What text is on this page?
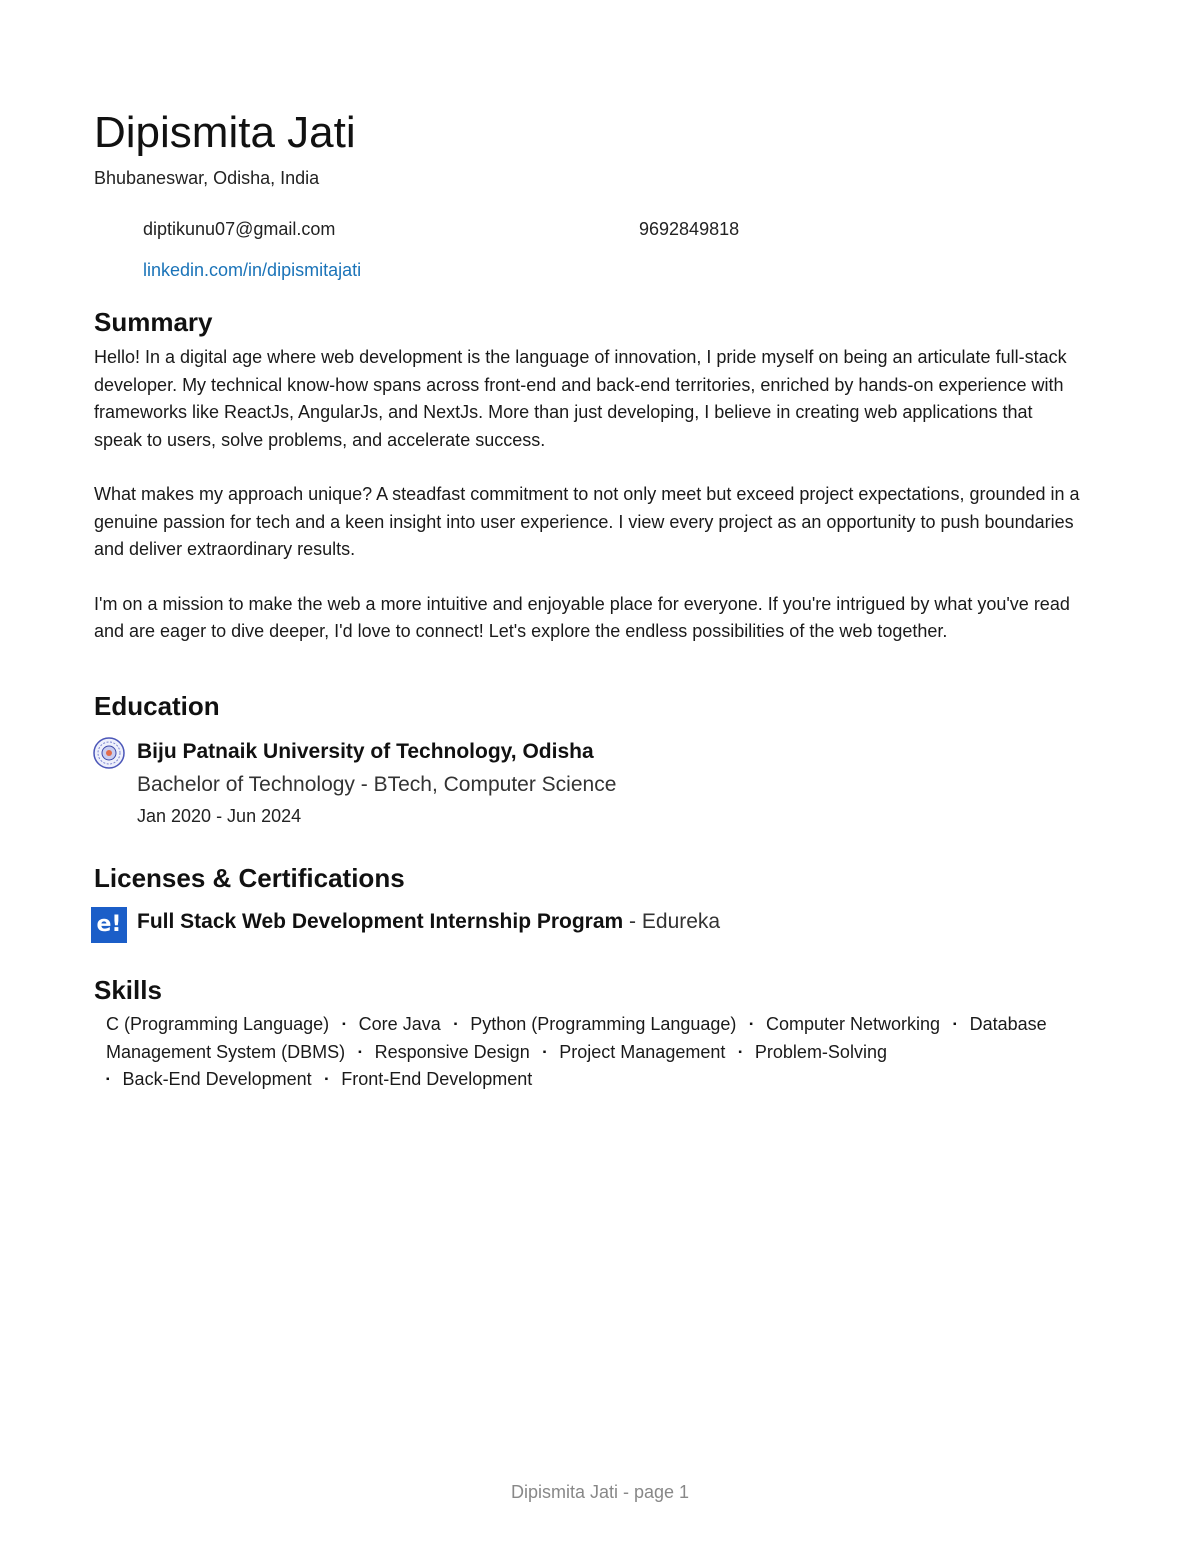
Dipismita Jati
Bhubaneswar, Odisha, India
diptikunu07@gmail.com	9692849818
linkedin.com/in/dipismitajati
Summary

Hello! In a digital age where web development is the language of innovation, I pride myself on being an articulate full-stack developer. My technical know-how spans across front-end and back-end territories, enriched by hands-on experience with frameworks like ReactJs, AngularJs, and NextJs. More than just developing, I believe in creating web applications that speak to users, solve problems, and accelerate success.

What makes my approach unique? A steadfast commitment to not only meet but exceed project expectations, grounded in a genuine passion for tech and a keen insight into user experience. I view every project as an opportunity to push boundaries and deliver extraordinary results.

I'm on a mission to make the web a more intuitive and enjoyable place for everyone. If you're intrigued by what you've read and are eager to dive deeper, I'd love to connect! Let's explore the endless possibilities of the web together.

Education
Biju Patnaik University of Technology, Odisha
Bachelor of Technology - BTech, Computer Science
Jan 2020 - Jun 2024
Licenses & Certifications
e! Full Stack Web Development Internship Program - Edureka
Skills
C (Programming Language) ▪ Core Java ▪ Python (Programming Language) ▪ Computer Networking ▪ Database Management System (DBMS) ▪ Responsive Design ▪ Project Management ▪ Problem-Solving
▪ Back-End Development ▪ Front-End Development
Dipismita Jati - page 1
